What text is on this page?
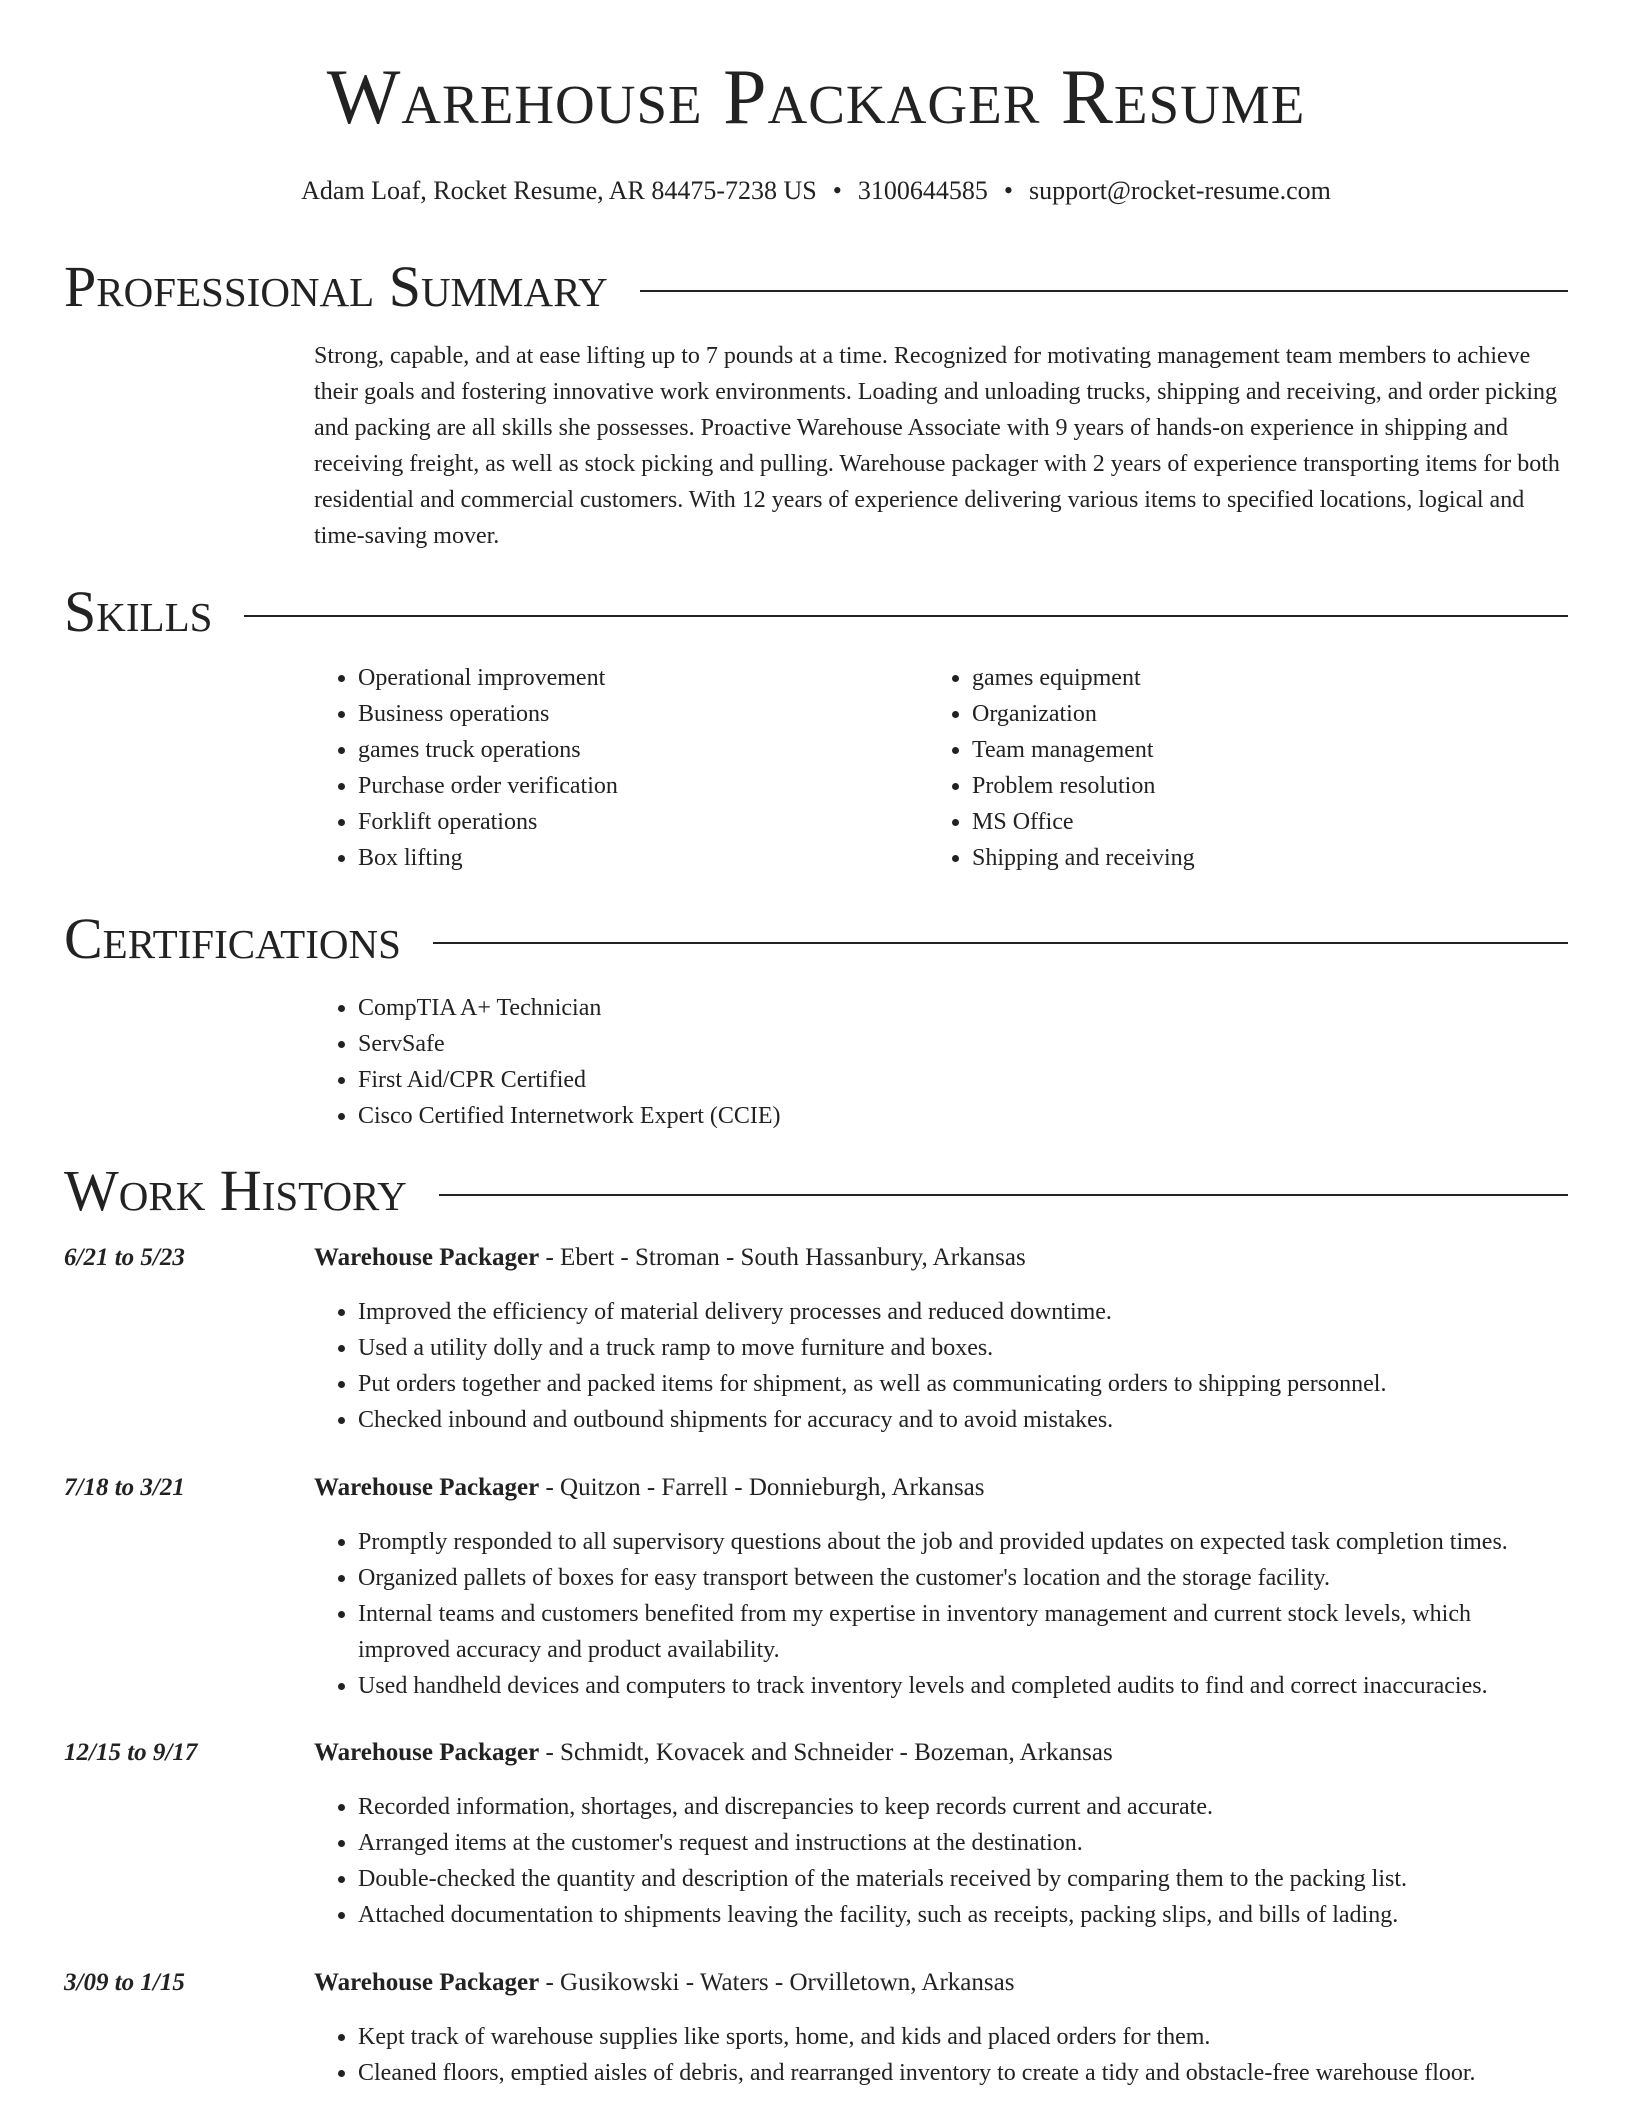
Warehouse Packager Resume
Adam Loaf, Rocket Resume, AR 84475-7238 US • 3100644585 • support@rocket-resume.com
Professional Summary

Strong, capable, and at ease lifting up to 7 pounds at a time. Recognized for motivating management team members to achieve their goals and fostering innovative work environments. Loading and unloading trucks, shipping and receiving, and order picking and packing are all skills she possesses. Proactive Warehouse Associate with 9 years of hands-on experience in shipping and receiving freight, as well as stock picking and pulling. Warehouse packager with 2 years of experience transporting items for both residential and commercial customers. With 12 years of experience delivering various items to specified locations, logical and time-saving mover.

Skills
• Operational improvement
• Business operations
• games truck operations
• Purchase order verification
• Forklift operations
• Box lifting
• games equipment
• Organization
• Team management
• Problem resolution
• MS Office
• Shipping and receiving
Certifications
• CompTIA A+ Technician
• ServSafe
• First Aid/CPR Certified
• Cisco Certified Internetwork Expert (CCIE)
Work History
6/21 to 5/23	Warehouse Packager - Ebert - Stroman - South Hassanbury, Arkansas
• Improved the efficiency of material delivery processes and reduced downtime.
• Used a utility dolly and a truck ramp to move furniture and boxes.
• Put orders together and packed items for shipment, as well as communicating orders to shipping personnel.
• Checked inbound and outbound shipments for accuracy and to avoid mistakes.
7/18 to 3/21	Warehouse Packager - Quitzon - Farrell - Donnieburgh, Arkansas
• Promptly responded to all supervisory questions about the job and provided updates on expected task completion times.
• Organized pallets of boxes for easy transport between the customer's location and the storage facility.
• Internal teams and customers benefited from my expertise in inventory management and current stock levels, which improved accuracy and product availability.
• Used handheld devices and computers to track inventory levels and completed audits to find and correct inaccuracies.
12/15 to 9/17	Warehouse Packager - Schmidt, Kovacek and Schneider - Bozeman, Arkansas
• Recorded information, shortages, and discrepancies to keep records current and accurate.
• Arranged items at the customer's request and instructions at the destination.
• Double-checked the quantity and description of the materials received by comparing them to the packing list.
• Attached documentation to shipments leaving the facility, such as receipts, packing slips, and bills of lading.
3/09 to 1/15	Warehouse Packager - Gusikowski - Waters - Orvilletown, Arkansas
• Kept track of warehouse supplies like sports, home, and kids and placed orders for them.
• Cleaned floors, emptied aisles of debris, and rearranged inventory to create a tidy and obstacle-free warehouse floor.
